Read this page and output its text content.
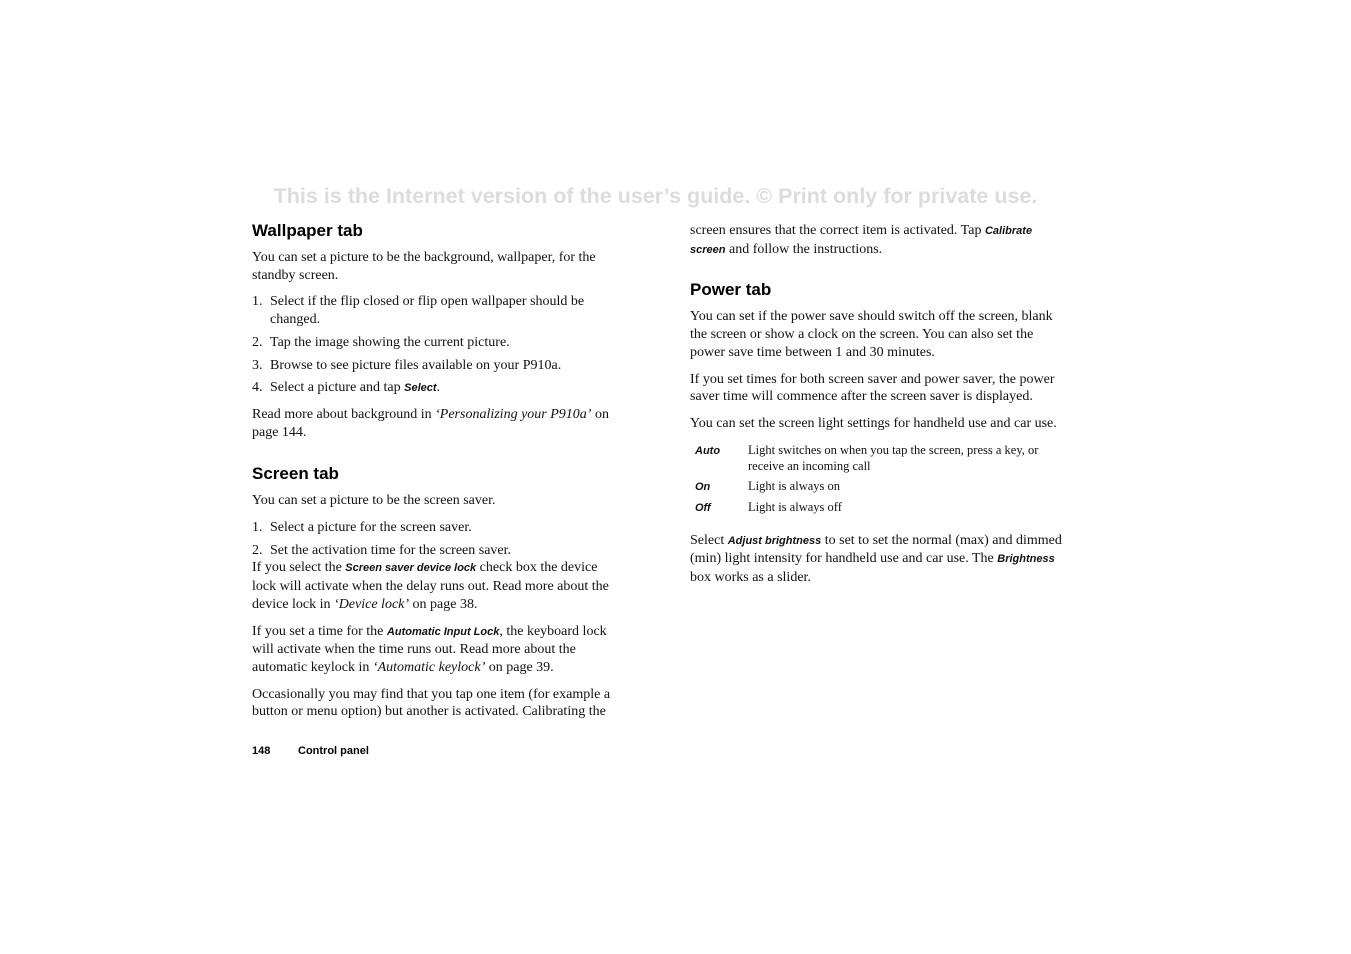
This is the Internet version of the user’s guide. © Print only for private use.
Wallpaper tab

You can set a picture to be the background, wallpaper, for the standby screen.

1. Select if the flip closed or flip open wallpaper should be changed.
2. Tap the image showing the current picture.
3. Browse to see picture files available on your P910a.
4. Select a picture and tap Select.

Read more about background in ‘Personalizing your P910a’ on page 144.

Screen tab

You can set a picture to be the screen saver.

1. Select a picture for the screen saver.
2. Set the activation time for the screen saver.

If you select the Screen saver device lock check box the device lock will activate when the delay runs out. Read more about the device lock in ‘Device lock’ on page 38.

If you set a time for the Automatic Input Lock, the keyboard lock will activate when the time runs out. Read more about the automatic keylock in ‘Automatic keylock’ on page 39.

Occasionally you may find that you tap one item (for example a button or menu option) but another is activated. Calibrating the

screen ensures that the correct item is activated. Tap Calibrate screen and follow the instructions.

Power tab

You can set if the power save should switch off the screen, blank the screen or show a clock on the screen. You can also set the power save time between 1 and 30 minutes.

If you set times for both screen saver and power saver, the power saver time will commence after the screen saver is displayed.

You can set the screen light settings for handheld use and car use.

Auto	Light switches on when you tap the screen, press a key, or receive an incoming call
On	Light is always on
Off	Light is always off

Select Adjust brightness to set to set the normal (max) and dimmed (min) light intensity for handheld use and car use. The Brightness box works as a slider.

148	Control panel
